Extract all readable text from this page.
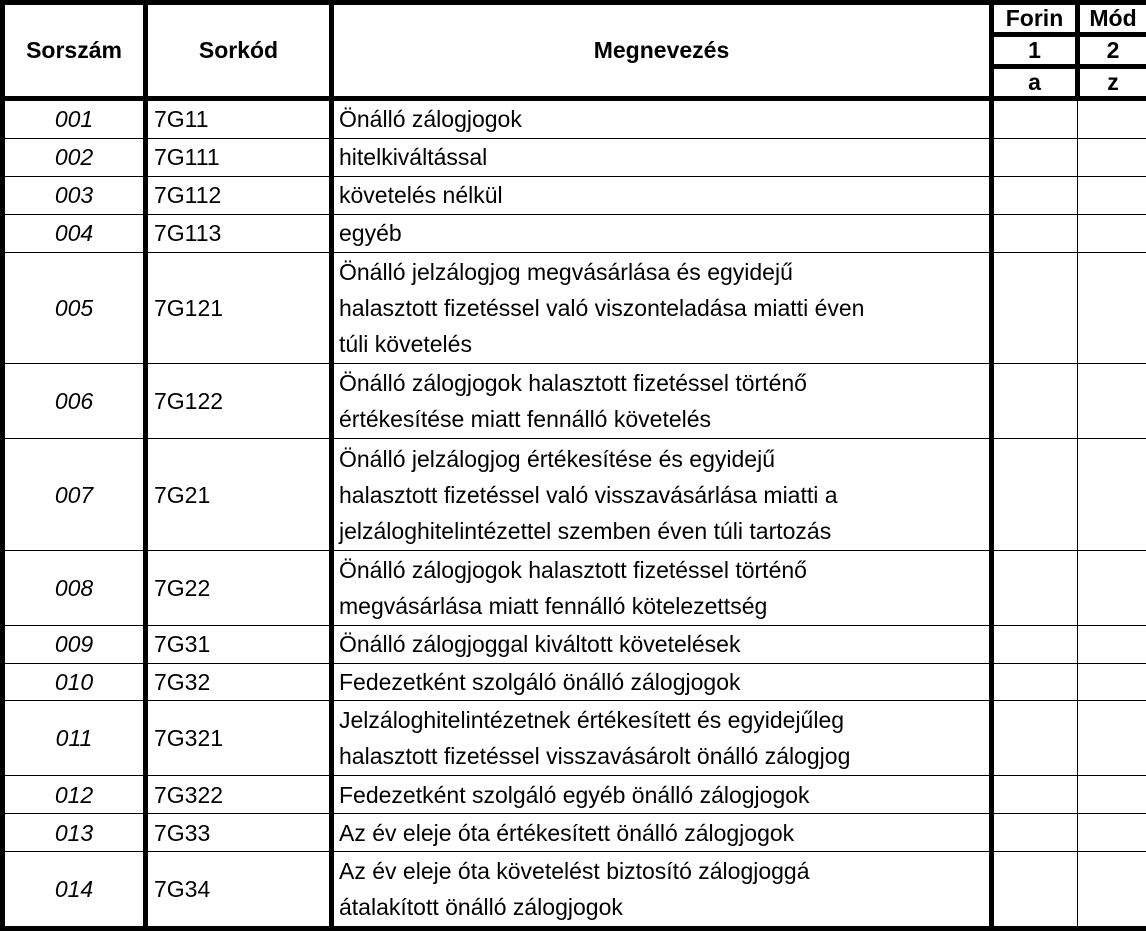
Sorszám	Sorkód	Megnevezés	Forin	Mód
			1	2
			a	z
001	7G11	Önálló zálogjogok		
002	7G111	hitelkiváltással		
003	7G112	követelés nélkül		
004	7G113	egyéb		
005	7G121	Önálló jelzálogjog megvásárlása és egyidejű
halasztott fizetéssel való viszonteladása miatti éven
túli követelés		
006	7G122	Önálló zálogjogok halasztott fizetéssel történő
értékesítése miatt fennálló követelés		
007	7G21	Önálló jelzálogjog értékesítése és egyidejű
halasztott fizetéssel való visszavásárlása miatti a
jelzáloghitelintézettel szemben éven túli tartozás		
008	7G22	Önálló zálogjogok halasztott fizetéssel történő
megvásárlása miatt fennálló kötelezettség		
009	7G31	Önálló zálogjoggal kiváltott követelések		
010	7G32	Fedezetként szolgáló önálló zálogjogok		
011	7G321	Jelzáloghitelintézetnek értékesített és egyidejűleg
halasztott fizetéssel visszavásárolt önálló zálogjog		
012	7G322	Fedezetként szolgáló egyéb önálló zálogjogok		
013	7G33	Az év eleje óta értékesített önálló zálogjogok		
014	7G34	Az év eleje óta követelést biztosító zálogjoggá
átalakított önálló zálogjogok		
